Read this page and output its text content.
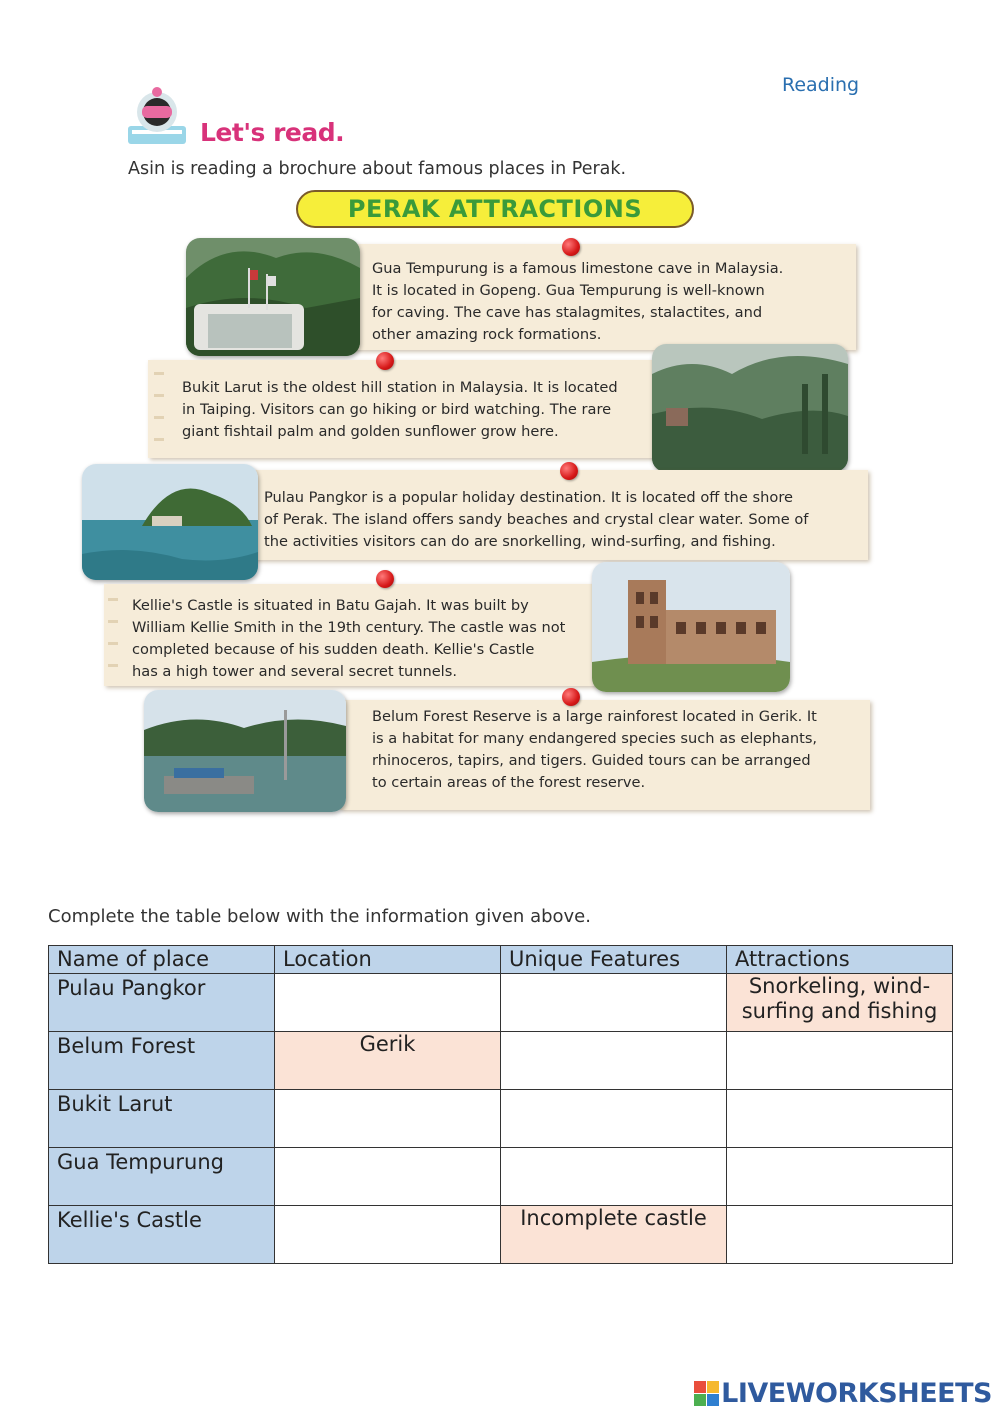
Reading
Let's read.
Asin is reading a brochure about famous places in Perak.
PERAK ATTRACTIONS
Gua Tempurung is a famous limestone cave in Malaysia.
It is located in Gopeng. Gua Tempurung is well-known
for caving. The cave has stalagmites, stalactites, and
other amazing rock formations.
Bukit Larut is the oldest hill station in Malaysia. It is located
in Taiping. Visitors can go hiking or bird watching. The rare
giant fishtail palm and golden sunflower grow here.
Pulau Pangkor is a popular holiday destination. It is located off the shore
of Perak. The island offers sandy beaches and crystal clear water. Some of
the activities visitors can do are snorkelling, wind-surfing, and fishing.
Kellie's Castle is situated in Batu Gajah. It was built by
William Kellie Smith in the 19th century. The castle was not
completed because of his sudden death. Kellie's Castle
has a high tower and several secret tunnels.
Belum Forest Reserve is a large rainforest located in Gerik. It
is a habitat for many endangered species such as elephants,
rhinoceros, tapirs, and tigers. Guided tours can be arranged
to certain areas of the forest reserve.
Complete the table below with the information given above.
Name of place	Location	Unique Features	Attractions
Pulau Pangkor			Snorkeling, wind-surfing and fishing
Belum Forest	Gerik		
Bukit Larut			
Gua Tempurung			
Kellie's Castle		Incomplete castle	
LIVEWORKSHEETS
